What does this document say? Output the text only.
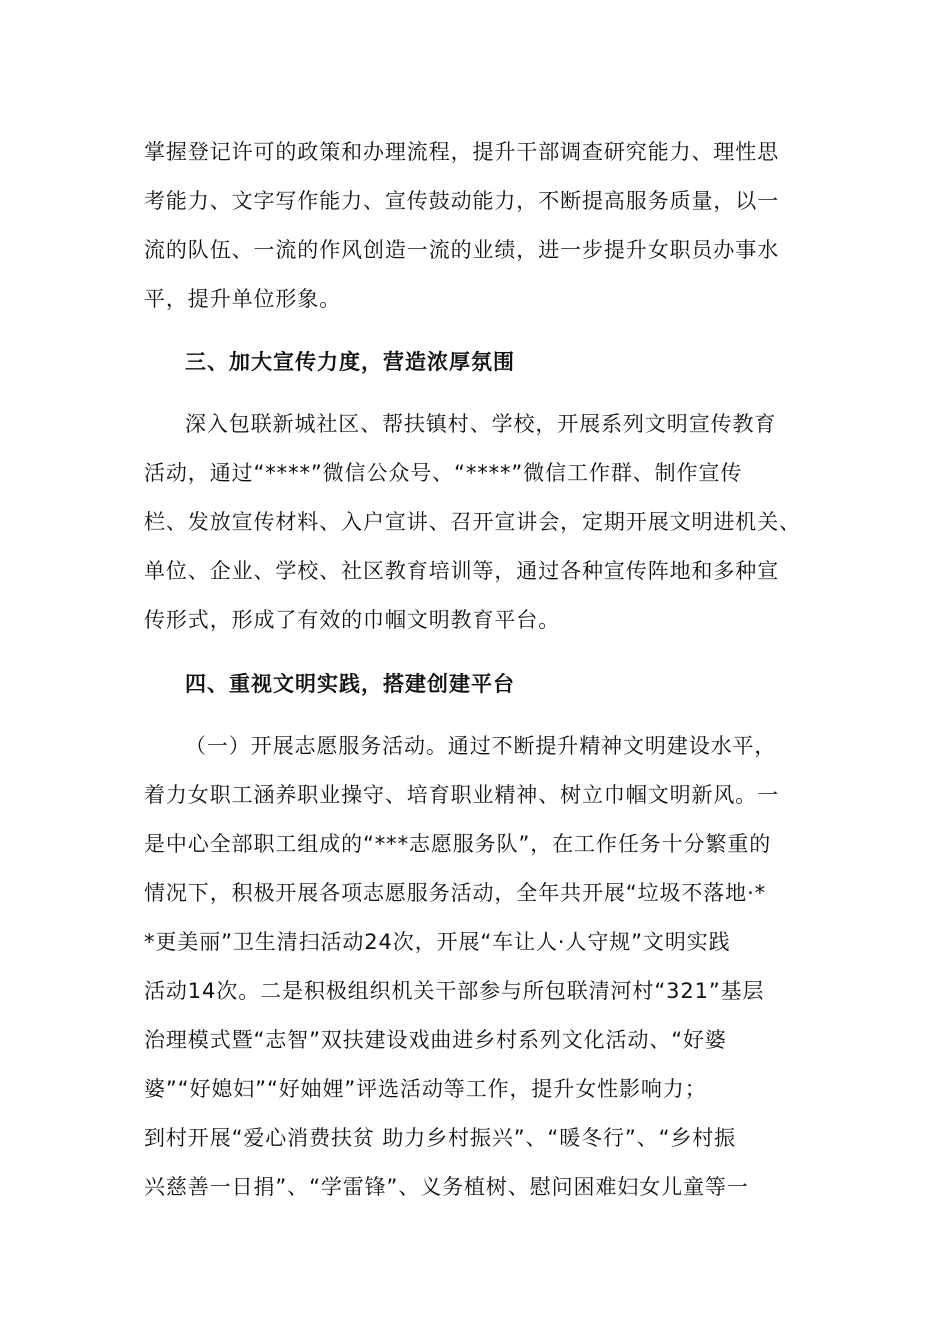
掌握登记许可的政策和办理流程，提升干部调查研究能力、理性思
考能力、文字写作能力、宣传鼓动能力，不断提高服务质量，以一
流的队伍、一流的作风创造一流的业绩，进一步提升女职员办事水
平，提升单位形象。
三、加大宣传力度，营造浓厚氛围
深入包联新城社区、帮扶镇村、学校，开展系列文明宣传教育
活动，通过“****”微信公众号、“****”微信工作群、制作宣传
栏、发放宣传材料、入户宣讲、召开宣讲会，定期开展文明进机关、
单位、企业、学校、社区教育培训等，通过各种宣传阵地和多种宣
传形式，形成了有效的巾帼文明教育平台。
四、重视文明实践，搭建创建平台
（一）开展志愿服务活动。通过不断提升精神文明建设水平，
着力女职工涵养职业操守、培育职业精神、树立巾帼文明新风。一
是中心全部职工组成的“***志愿服务队”，在工作任务十分繁重的
情况下，积极开展各项志愿服务活动，全年共开展“垃圾不落地·*
*更美丽”卫生清扫活动24次，开展“车让人·人守规”文明实践
活动14次。二是积极组织机关干部参与所包联清河村“321”基层
治理模式暨“志智”双扶建设戏曲进乡村系列文化活动、“好婆
婆”“好媳妇”“好妯娌”评选活动等工作，提升女性影响力；
到村开展“爱心消费扶贫 助力乡村振兴”、“暖冬行”、“乡村振
兴慈善一日捐”、“学雷锋”、义务植树、慰问困难妇女儿童等一
